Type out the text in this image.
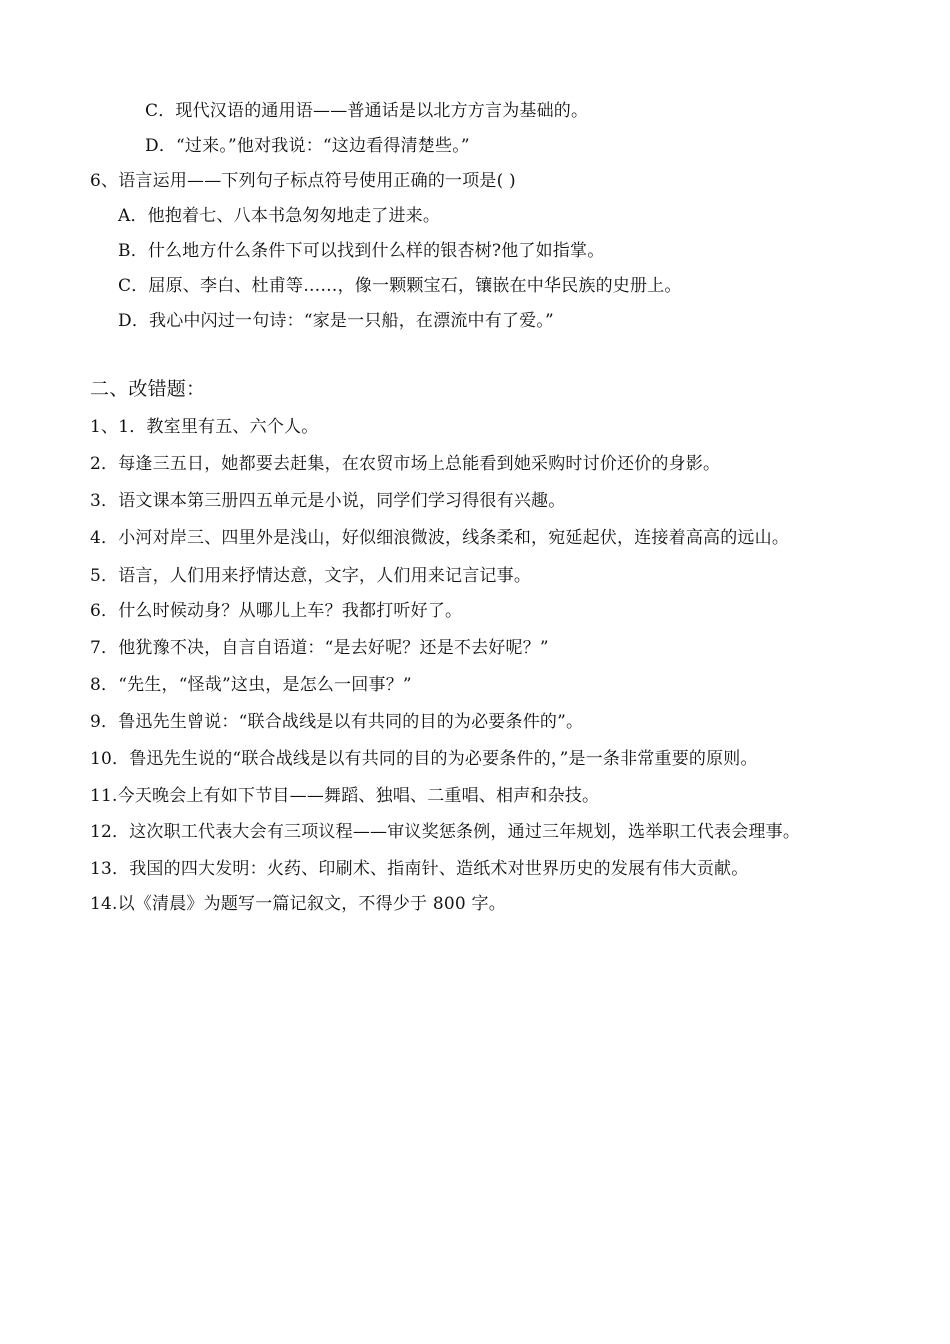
C．现代汉语的通用语——普通话是以北方方言为基础的。
D．“过来。”他对我说：“这边看得清楚些。”
6、语言运用——下列句子标点符号使用正确的一项是( )
A．他抱着七、八本书急匆匆地走了进来。
B．什么地方什么条件下可以找到什么样的银杏树?他了如指掌。
C．屈原、李白、杜甫等……，像一颗颗宝石，镶嵌在中华民族的史册上。
D．我心中闪过一句诗：“家是一只船，在漂流中有了爱。”
二、改错题：
1、1．教室里有五、六个人。
2．每逢三五日，她都要去赶集，在农贸市场上总能看到她采购时讨价还价的身影。
3．语文课本第三册四五单元是小说，同学们学习得很有兴趣。
4．小河对岸三、四里外是浅山，好似细浪微波，线条柔和，宛延起伏，连接着高高的远山。
5．语言，人们用来抒情达意，文字，人们用来记言记事。
6．什么时候动身？从哪儿上车？我都打听好了。
7．他犹豫不决，自言自语道：“是去好呢？还是不去好呢？”
8．“先生，“怪哉”这虫，是怎么一回事？”
9．鲁迅先生曾说：“联合战线是以有共同的目的为必要条件的”。
10．鲁迅先生说的“联合战线是以有共同的目的为必要条件的，”是一条非常重要的原则。
11.今天晚会上有如下节目——舞蹈、独唱、二重唱、相声和杂技。
12．这次职工代表大会有三项议程——审议奖惩条例，通过三年规划，选举职工代表会理事。
13．我国的四大发明：火药、印刷术、指南针、造纸术对世界历史的发展有伟大贡献。
14.以《清晨》为题写一篇记叙文，不得少于 800 字。
